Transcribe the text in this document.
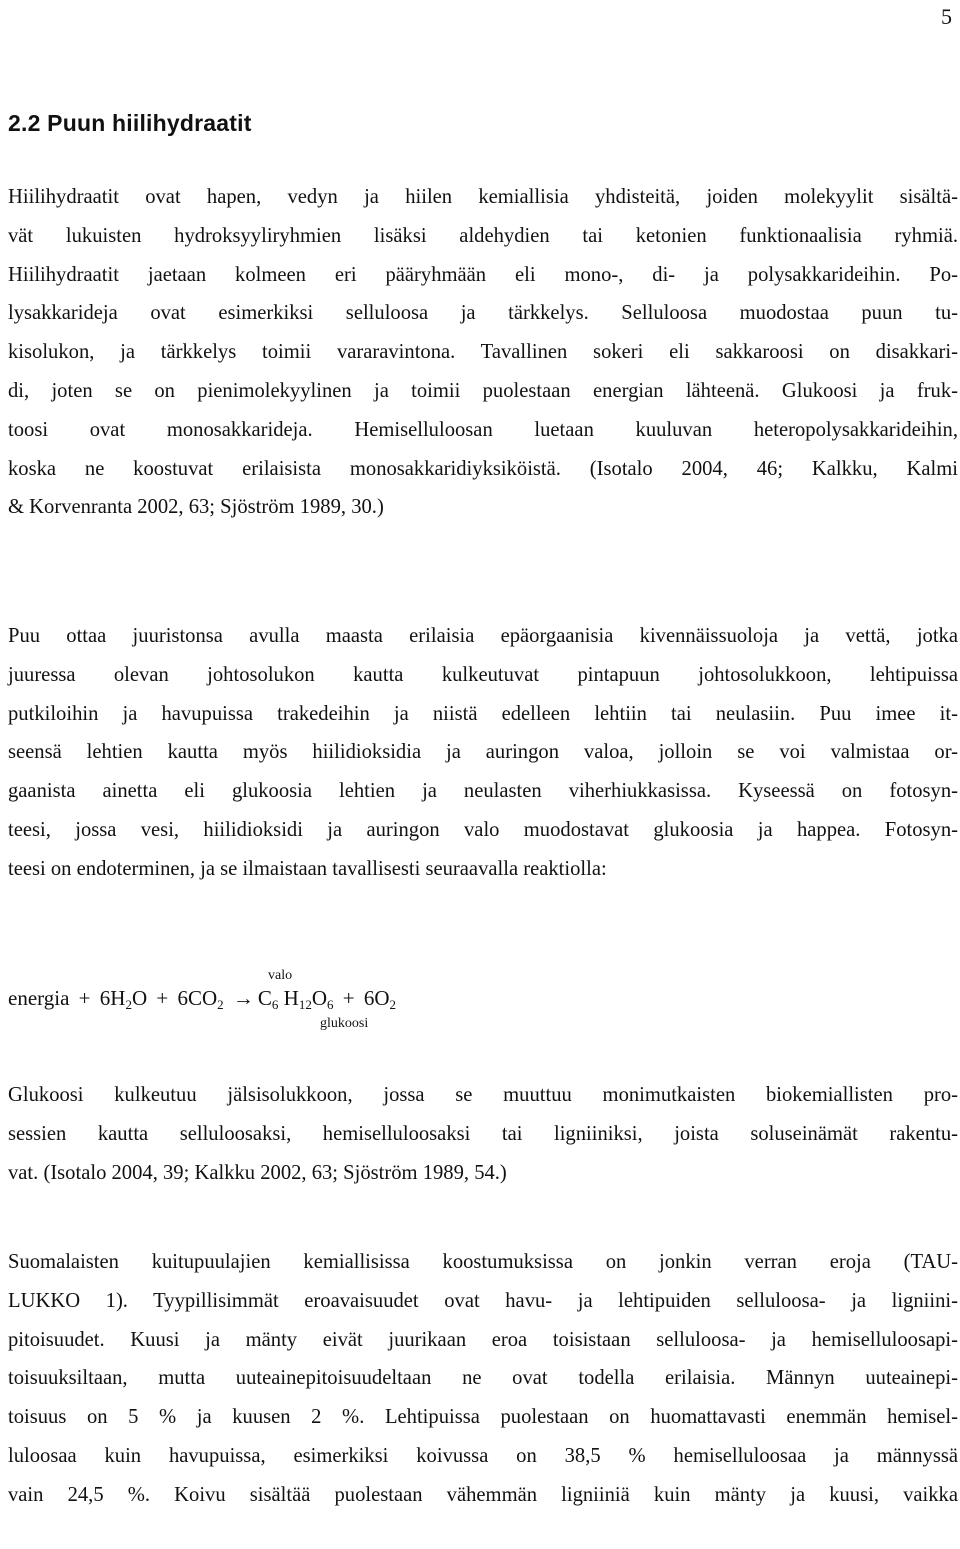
5
2.2 Puun hiilihydraatit
Hiilihydraatit ovat hapen, vedyn ja hiilen kemiallisia yhdisteitä, joiden molekyylit sisältä-
vät lukuisten hydroksyyliryhmien lisäksi aldehydien tai ketonien funktionaalisia ryhmiä.
Hiilihydraatit jaetaan kolmeen eri pääryhmään eli mono-, di- ja polysakkarideihin. Po-
lysakkarideja ovat esimerkiksi selluloosa ja tärkkelys. Selluloosa muodostaa puun tu-
kisolukon, ja tärkkelys toimii vararavintona. Tavallinen sokeri eli sakkaroosi on disakkari-
di, joten se on pienimolekyylinen ja toimii puolestaan energian lähteenä. Glukoosi ja fruk-
toosi ovat monosakkarideja. Hemiselluloosan luetaan kuuluvan heteropolysakkarideihin,
koska ne koostuvat erilaisista monosakkaridiyksiköistä. (Isotalo 2004, 46; Kalkku, Kalmi
& Korvenranta 2002, 63; Sjöström 1989, 30.)
Puu ottaa juuristonsa avulla maasta erilaisia epäorgaanisia kivennäissuoloja ja vettä, jotka
juuressa olevan johtosolukon kautta kulkeutuvat pintapuun johtosolukkoon, lehtipuissa
putkiloihin ja havupuissa trakedeihin ja niistä edelleen lehtiin tai neulasiin. Puu imee it-
seensä lehtien kautta myös hiilidioksidia ja auringon valoa, jolloin se voi valmistaa or-
gaanista ainetta eli glukoosia lehtien ja neulasten viherhiukkasissa. Kyseessä on fotosyn-
teesi, jossa vesi, hiilidioksidi ja auringon valo muodostavat glukoosia ja happea. Fotosyn-
teesi on endoterminen, ja se ilmaistaan tavallisesti seuraavalla reaktiolla:
valo
energia + $6H_2O + 6CO_2 \to C_6$ $H_{12}O_6 + 6O_2$
glukoosi
Glukoosi kulkeutuu jälsisolukkoon, jossa se muuttuu monimutkaisten biokemiallisten pro-
sessien kautta selluloosaksi, hemiselluloosaksi tai ligniiniksi, joista soluseinämät rakentu-
vat. (Isotalo 2004, 39; Kalkku 2002, 63; Sjöström 1989, 54.)
Suomalaisten kuitupuulajien kemiallisissa koostumuksissa on jonkin verran eroja (TAU-
LUKKO 1). Tyypillisimmät eroavaisuudet ovat havu- ja lehtipuiden selluloosa- ja ligniini-
pitoisuudet. Kuusi ja mänty eivät juurikaan eroa toisistaan selluloosa- ja hemiselluloosapi-
toisuuksiltaan, mutta uuteainepitoisuudeltaan ne ovat todella erilaisia. Männyn uuteainepi-
toisuus on 5 % ja kuusen 2 %. Lehtipuissa puolestaan on huomattavasti enemmän hemisel-
luloosaa kuin havupuissa, esimerkiksi koivussa on 38,5 % hemiselluloosaa ja männyssä
vain 24,5 %. Koivu sisältää puolestaan vähemmän ligniiniä kuin mänty ja kuusi, vaikka
